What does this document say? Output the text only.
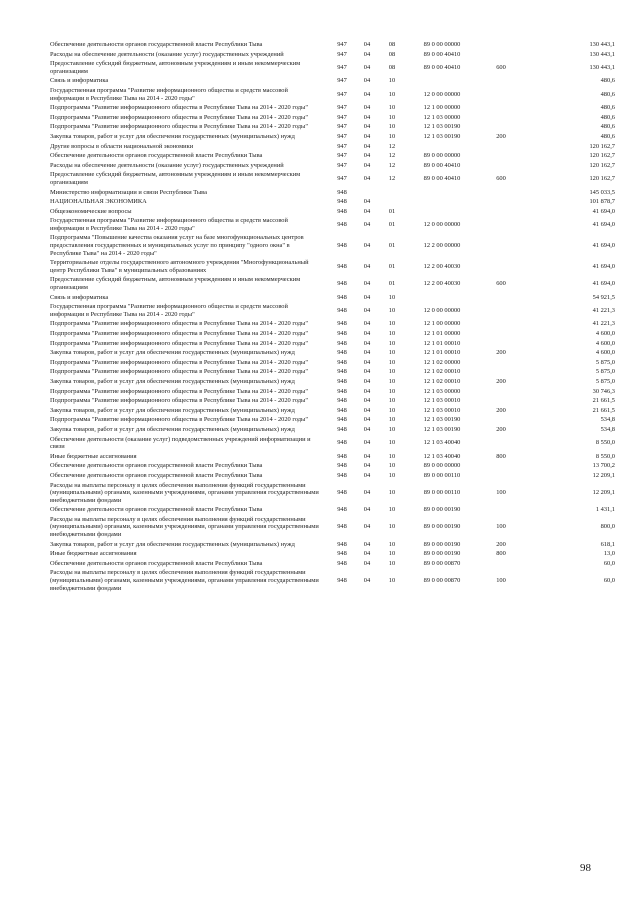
Обеспечение деятельности органов государственной власти Республики Тыва	947	04	08	89 0 00 00000	130 443,1
Расходы на обеспечение деятельности (оказание услуг) государственных учреждений	947	04	08	89 0 00 40410	130 443,1
Предоставление субсидий бюджетным, автономным учреждениям и иным некоммерческим организациям
947	04	08	89 0 00 40410	600	130 443,1
Связь и информатика	947	04	10	480,6
Государственная программа "Развитие информационного общества и средств массовой информации в Республике Тыва на 2014 - 2020 годы"
947	04	10	12 0 00 00000	480,6
Подпрограмма "Развитие информационного общества в Республике Тыва на 2014 - 2020 годы"	947	04	10	12 1 00 00000	480,6
Подпрограмма "Развитие информационного общества в Республике Тыва на 2014 - 2020 годы"	947	04	10	12 1 03 00000	480,6
Подпрограмма "Развитие информационного общества в Республике Тыва на 2014 - 2020 годы"	947	04	10	12 1 03 00190	480,6
Закупка товаров, работ и услуг для обеспечения государственных (муниципальных) нужд	947	04	10	12 1 03 00190	200	480,6
Другие вопросы в области национальной экономики	947	04	12	120 162,7
Обеспечение деятельности органов государственной власти Республики Тыва	947	04	12	89 0 00 00000	120 162,7
Расходы на обеспечение деятельности (оказание услуг) государственных учреждений	947	04	12	89 0 00 40410	120 162,7
Предоставление субсидий бюджетным, автономным учреждениям и иным некоммерческим организациям
947	04	12	89 0 00 40410	600	120 162,7
Министерство информатизации и связи Республики Тыва	948	145 033,5
НАЦИОНАЛЬНАЯ ЭКОНОМИКА	948	04	101 878,7
Общеэкономические вопросы	948	04	01	41 694,0
Государственная программа "Развитие информационного общества и средств массовой информации в Республике Тыва на 2014 - 2020 годы"
948	04	01	12 0 00 00000	41 694,0
Подпрограмма "Повышение качества оказания услуг на базе многофункциональных центров предоставления государственных и муниципальных услуг по принципу "одного окна" в Республике Тыва" на 2014 - 2020 годы"
948	04	01	12 2 00 00000	41 694,0
Территориальные отделы государственного автономного учреждения "Многофункциональный центр Республики Тыва" в муниципальных образованиях
948	04	01	12 2 00 40030	41 694,0
Предоставление субсидий бюджетным, автономным учреждениям и иным некоммерческим организациям
948	04	01	12 2 00 40030	600	41 694,0
Связь и информатика	948	04	10	54 921,5
Государственная программа "Развитие информационного общества и средств массовой информации в Республике Тыва на 2014 - 2020 годы"
948	04	10	12 0 00 00000	41 221,3
Подпрограмма "Развитие информационного общества в Республике Тыва на 2014 - 2020 годы"	948	04	10	12 1 00 00000	41 221,3
Подпрограмма "Развитие информационного общества в Республике Тыва на 2014 - 2020 годы"	948	04	10	12 1 01 00000	4 600,0
Подпрограмма "Развитие информационного общества в Республике Тыва на 2014 - 2020 годы"	948	04	10	12 1 01 00010	4 600,0
Закупка товаров, работ и услуг для обеспечения государственных (муниципальных) нужд	948	04	10	12 1 01 00010	200	4 600,0
Подпрограмма "Развитие информационного общества в Республике Тыва на 2014 - 2020 годы"	948	04	10	12 1 02 00000	5 875,0
Подпрограмма "Развитие информационного общества в Республике Тыва на 2014 - 2020 годы"	948	04	10	12 1 02 00010	5 875,0
Закупка товаров, работ и услуг для обеспечения государственных (муниципальных) нужд	948	04	10	12 1 02 00010	200	5 875,0
Подпрограмма "Развитие информационного общества в Республике Тыва на 2014 - 2020 годы"	948	04	10	12 1 03 00000	30 746,3
Подпрограмма "Развитие информационного общества в Республике Тыва на 2014 - 2020 годы"	948	04	10	12 1 03 00010	21 661,5
Закупка товаров, работ и услуг для обеспечения государственных (муниципальных) нужд	948	04	10	12 1 03 00010	200	21 661,5
Подпрограмма "Развитие информационного общества в Республике Тыва на 2014 - 2020 годы"	948	04	10	12 1 03 00190	534,8
Закупка товаров, работ и услуг для обеспечения государственных (муниципальных) нужд	948	04	10	12 1 03 00190	200	534,8
Обеспечение деятельности (оказание услуг) подведомственных учреждений информатизации и связи
948	04	10	12 1 03 40040	8 550,0
Иные бюджетные ассигнования	948	04	10	12 1 03 40040	800	8 550,0
Обеспечение деятельности органов государственной власти Республики Тыва	948	04	10	89 0 00 00000	13 700,2
Обеспечение деятельности органов государственной власти Республики Тыва	948	04	10	89 0 00 00110	12 209,1
Расходы на выплаты персоналу в целях обеспечения выполнения функций государственными (муниципальными) органами, казенными учреждениями, органами управления государственными внебюджетными фондами
948	04	10	89 0 00 00110	100	12 209,1
Обеспечение деятельности органов государственной власти Республики Тыва	948	04	10	89 0 00 00190	1 431,1
Расходы на выплаты персоналу в целях обеспечения выполнения функций государственными (муниципальными) органами, казенными учреждениями, органами управления государственными внебюджетными фондами
948	04	10	89 0 00 00190	100	800,0
Закупка товаров, работ и услуг для обеспечения государственных (муниципальных) нужд	948	04	10	89 0 00 00190	200	618,1
Иные бюджетные ассигнования	948	04	10	89 0 00 00190	800	13,0
Обеспечение деятельности органов государственной власти Республики Тыва	948	04	10	89 0 00 00870	60,0
Расходы на выплаты персоналу в целях обеспечения выполнения функций государственными (муниципальными) органами, казенными учреждениями, органами управления государственными внебюджетными фондами
948	04	10	89 0 00 00870	100	60,0
98
